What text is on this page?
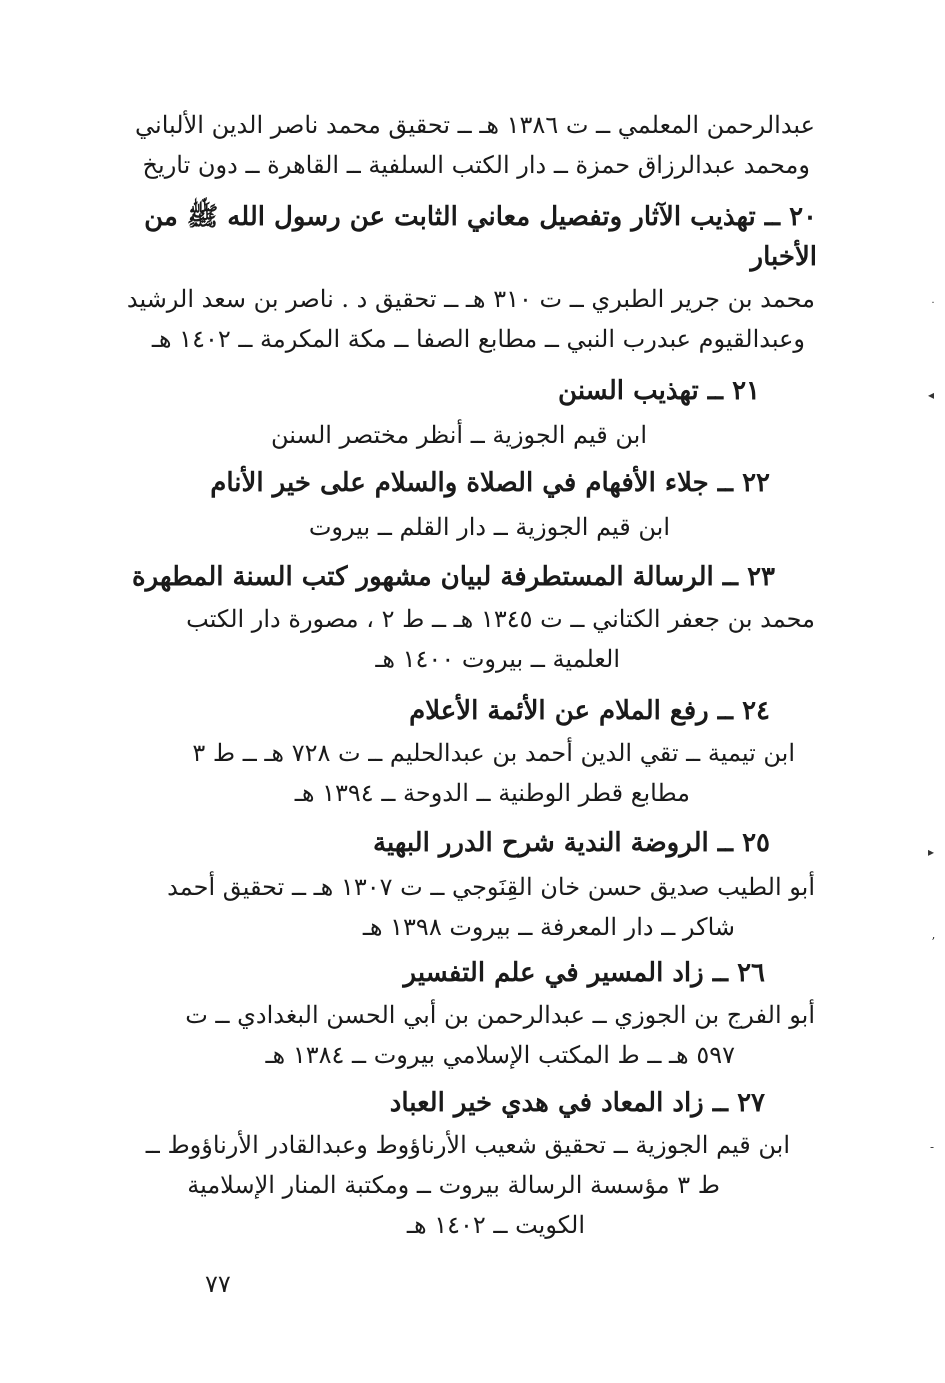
عبدالرحمن المعلمي ــ ت ١٣٨٦ هـ ــ تحقيق محمد ناصر الدين الألباني

ومحمد عبدالرزاق حمزة ــ دار الكتب السلفية ــ القاهرة ــ دون تاريخ

٢٠ ــ تهذيب الآثار وتفصيل معاني الثابت عن رسول الله ﷺ من

الأخبار

محمد بن جرير الطبري ــ ت ٣١٠ هـ ــ تحقيق د . ناصر بن سعد الرشيد

وعبدالقيوم عبدرب النبي ــ مطابع الصفا ــ مكة المكرمة ــ ١٤٠٢ هـ

٢١ ــ تهذيب السنن

ابن قيم الجوزية ــ أنظر مختصر السنن

٢٢ ــ جلاء الأفهام في الصلاة والسلام على خير الأنام

ابن قيم الجوزية ــ دار القلم ــ بيروت

٢٣ ــ الرسالة المستطرفة لبيان مشهور كتب السنة المطهرة

محمد بن جعفر الكتاني ــ ت ١٣٤٥ هـ ــ ط ٢ ، مصورة دار الكتب

العلمية ــ بيروت ١٤٠٠ هـ

٢٤ ــ رفع الملام عن الأئمة الأعلام

ابن تيمية ــ تقي الدين أحمد بن عبدالحليم ــ ت ٧٢٨ هـ ــ ط ٣

مطابع قطر الوطنية ــ الدوحة ــ ١٣٩٤ هـ

٢٥ ــ الروضة الندية شرح الدرر البهية

أبو الطيب صديق حسن خان القِنَوجي ــ ت ١٣٠٧ هـ ــ تحقيق أحمد

شاكر ــ دار المعرفة ــ بيروت ١٣٩٨ هـ

٢٦ ــ زاد المسير في علم التفسير

أبو الفرج بن الجوزي ــ عبدالرحمن بن أبي الحسن البغدادي ــ ت

٥٩٧ هـ ــ ط المكتب الإسلامي بيروت ــ ١٣٨٤ هـ

٢٧ ــ زاد المعاد في هدي خير العباد

ابن قيم الجوزية ــ تحقيق شعيب الأرناؤوط وعبدالقادر الأرناؤوط ــ

ط ٣ مؤسسة الرسالة بيروت ــ ومكتبة المنار الإسلامية

الكويت ــ ١٤٠٢ هـ

٧٧
˙
◂
▸
ʼ
-
